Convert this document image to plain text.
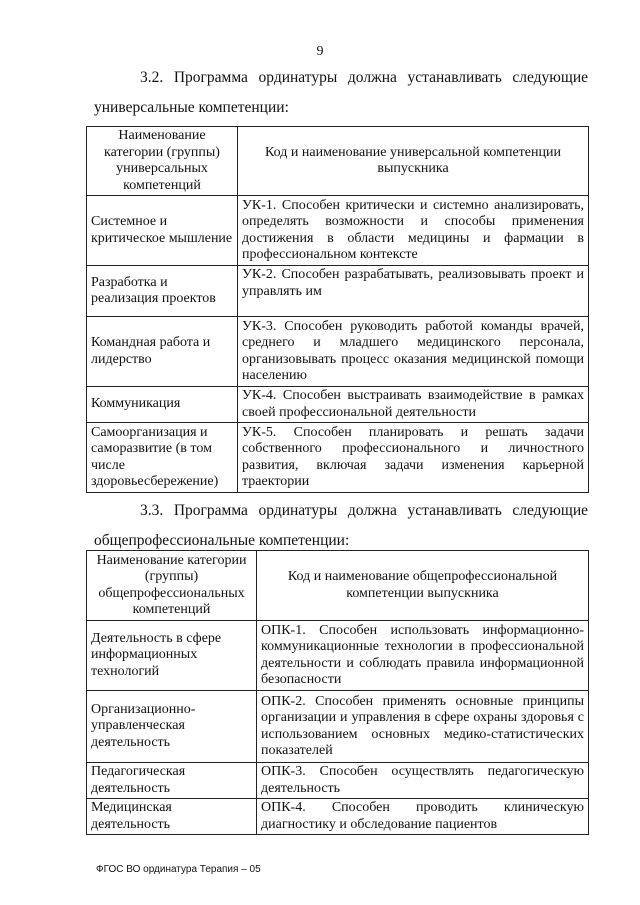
9

3.2. Программа ординатуры должна устанавливать следующие
универсальные компетенции:

Наименование категории (группы) универсальных компетенций	Код и наименование универсальной компетенции выпускника
Системное и критическое мышление	УК-1. Способен критически и системно анализировать, определять возможности и способы применения достижения в области медицины и фармации в профессиональном контексте
Разработка и реализация проектов	УК-2. Способен разрабатывать, реализовывать проект и управлять им
Командная работа и лидерство	УК-3. Способен руководить работой команды врачей, среднего и младшего медицинского персонала, организовывать процесс оказания медицинской помощи населению
Коммуникация	УК-4. Способен выстраивать взаимодействие в рамках своей профессиональной деятельности
Самоорганизация и саморазвитие (в том числе здоровьесбережение)	УК-5. Способен планировать и решать задачи собственного профессионального и личностного развития, включая задачи изменения карьерной траектории

3.3. Программа ординатуры должна устанавливать следующие
общепрофессиональные компетенции:

Наименование категории (группы) общепрофессиональных компетенций	Код и наименование общепрофессиональной компетенции выпускника
Деятельность в сфере информационных технологий	ОПК-1. Способен использовать информационно-коммуникационные технологии в профессиональной деятельности и соблюдать правила информационной безопасности
Организационно-управленческая деятельность	ОПК-2. Способен применять основные принципы организации и управления в сфере охраны здоровья с использованием основных медико-статистических показателей
Педагогическая деятельность	ОПК-3. Способен осуществлять педагогическую деятельность
Медицинская деятельность	ОПК-4. Способен проводить клиническую диагностику и обследование пациентов
ФГОС ВО ординатура Терапия – 05
